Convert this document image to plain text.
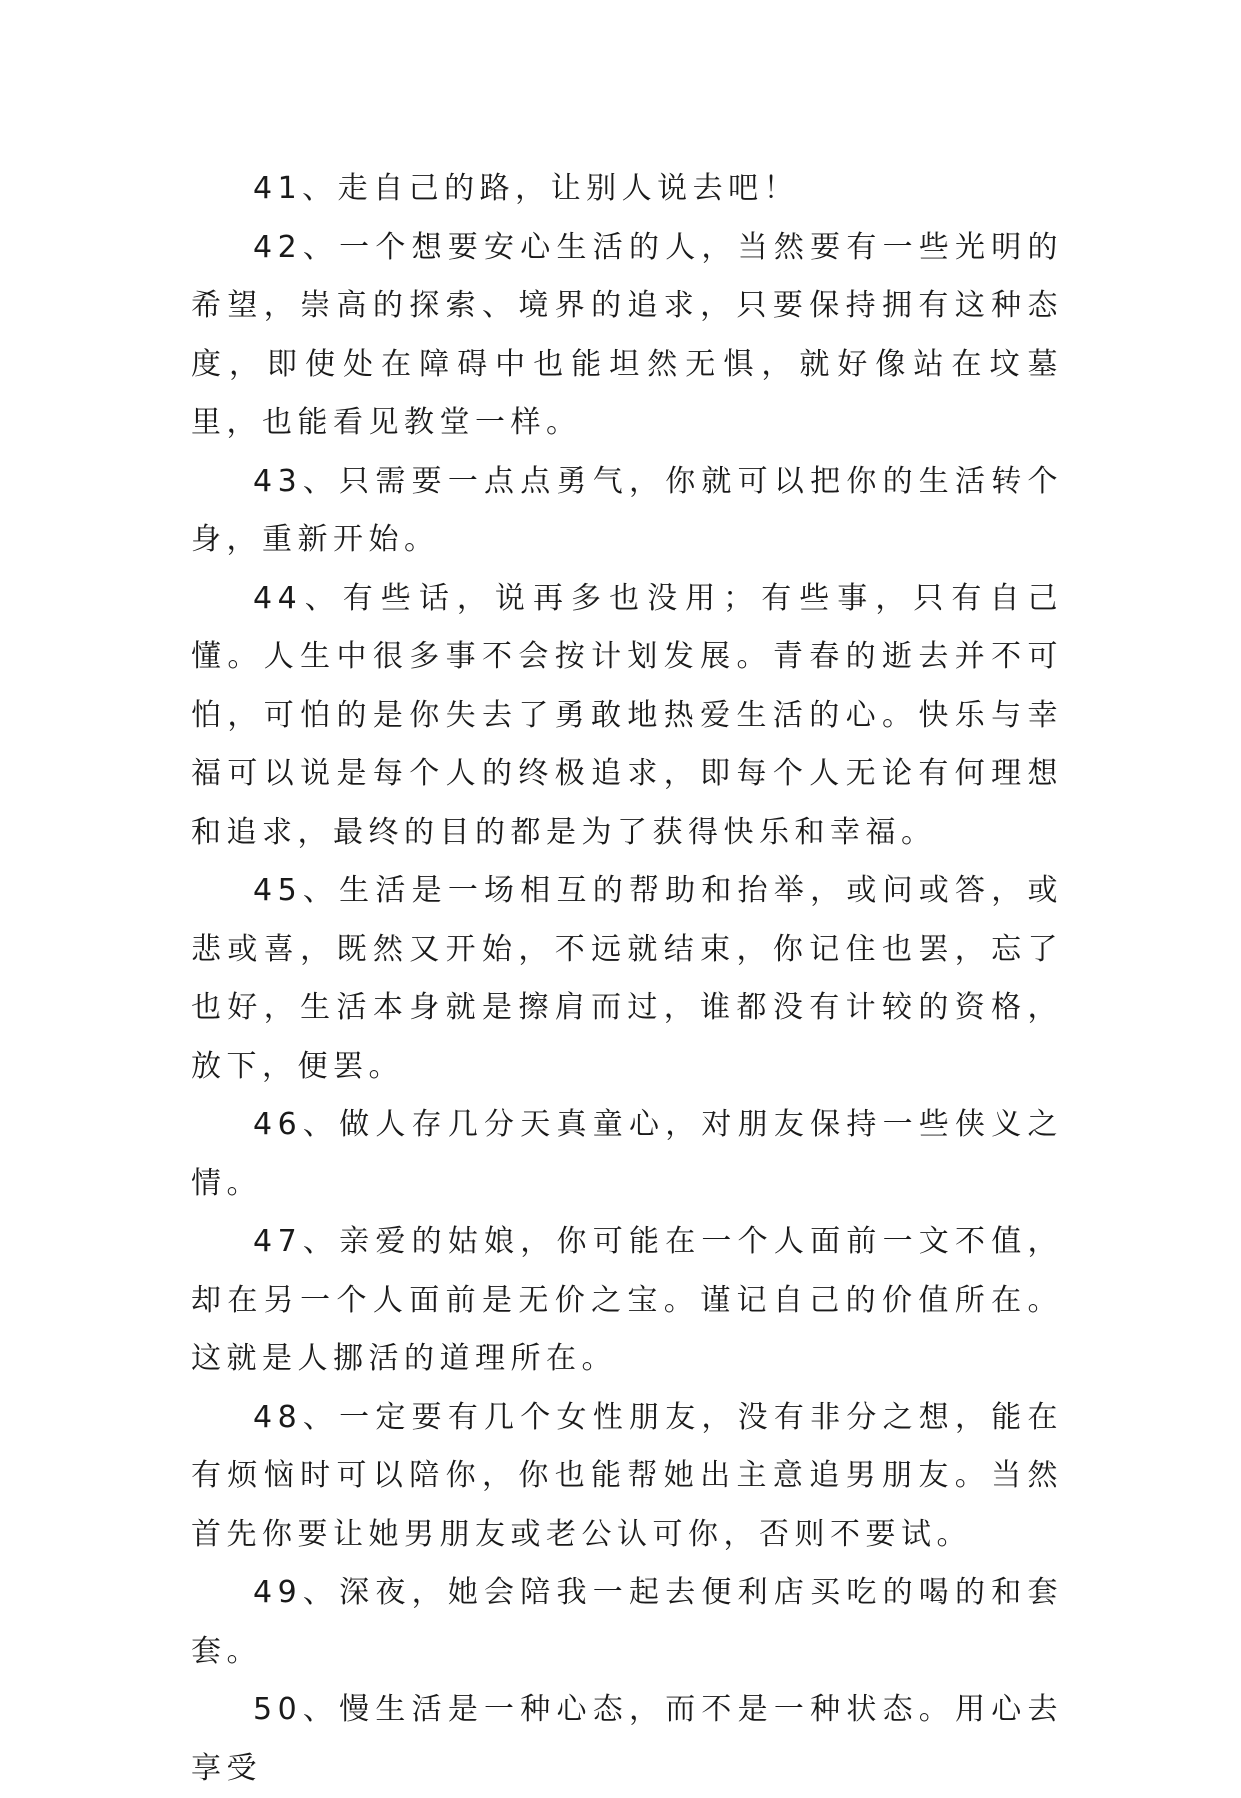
41、走自己的路，让别人说去吧！

42、一个想要安心生活的人，当然要有一些光明的希望，崇高的探索、境界的追求，只要保持拥有这种态度，即使处在障碍中也能坦然无惧，就好像站在坟墓里，也能看见教堂一样。

43、只需要一点点勇气，你就可以把你的生活转个身，重新开始。

44、有些话，说再多也没用；有些事，只有自己懂。人生中很多事不会按计划发展。青春的逝去并不可怕，可怕的是你失去了勇敢地热爱生活的心。快乐与幸福可以说是每个人的终极追求，即每个人无论有何理想和追求，最终的目的都是为了获得快乐和幸福。

45、生活是一场相互的帮助和抬举，或问或答，或悲或喜，既然又开始，不远就结束，你记住也罢，忘了也好，生活本身就是擦肩而过，谁都没有计较的资格，放下，便罢。

46、做人存几分天真童心，对朋友保持一些侠义之情。

47、亲爱的姑娘，你可能在一个人面前一文不值，却在另一个人面前是无价之宝。谨记自己的价值所在。这就是人挪活的道理所在。

48、一定要有几个女性朋友，没有非分之想，能在有烦恼时可以陪你，你也能帮她出主意追男朋友。当然首先你要让她男朋友或老公认可你，否则不要试。

49、深夜，她会陪我一起去便利店买吃的喝的和套套。

50、慢生活是一种心态，而不是一种状态。用心去享受
